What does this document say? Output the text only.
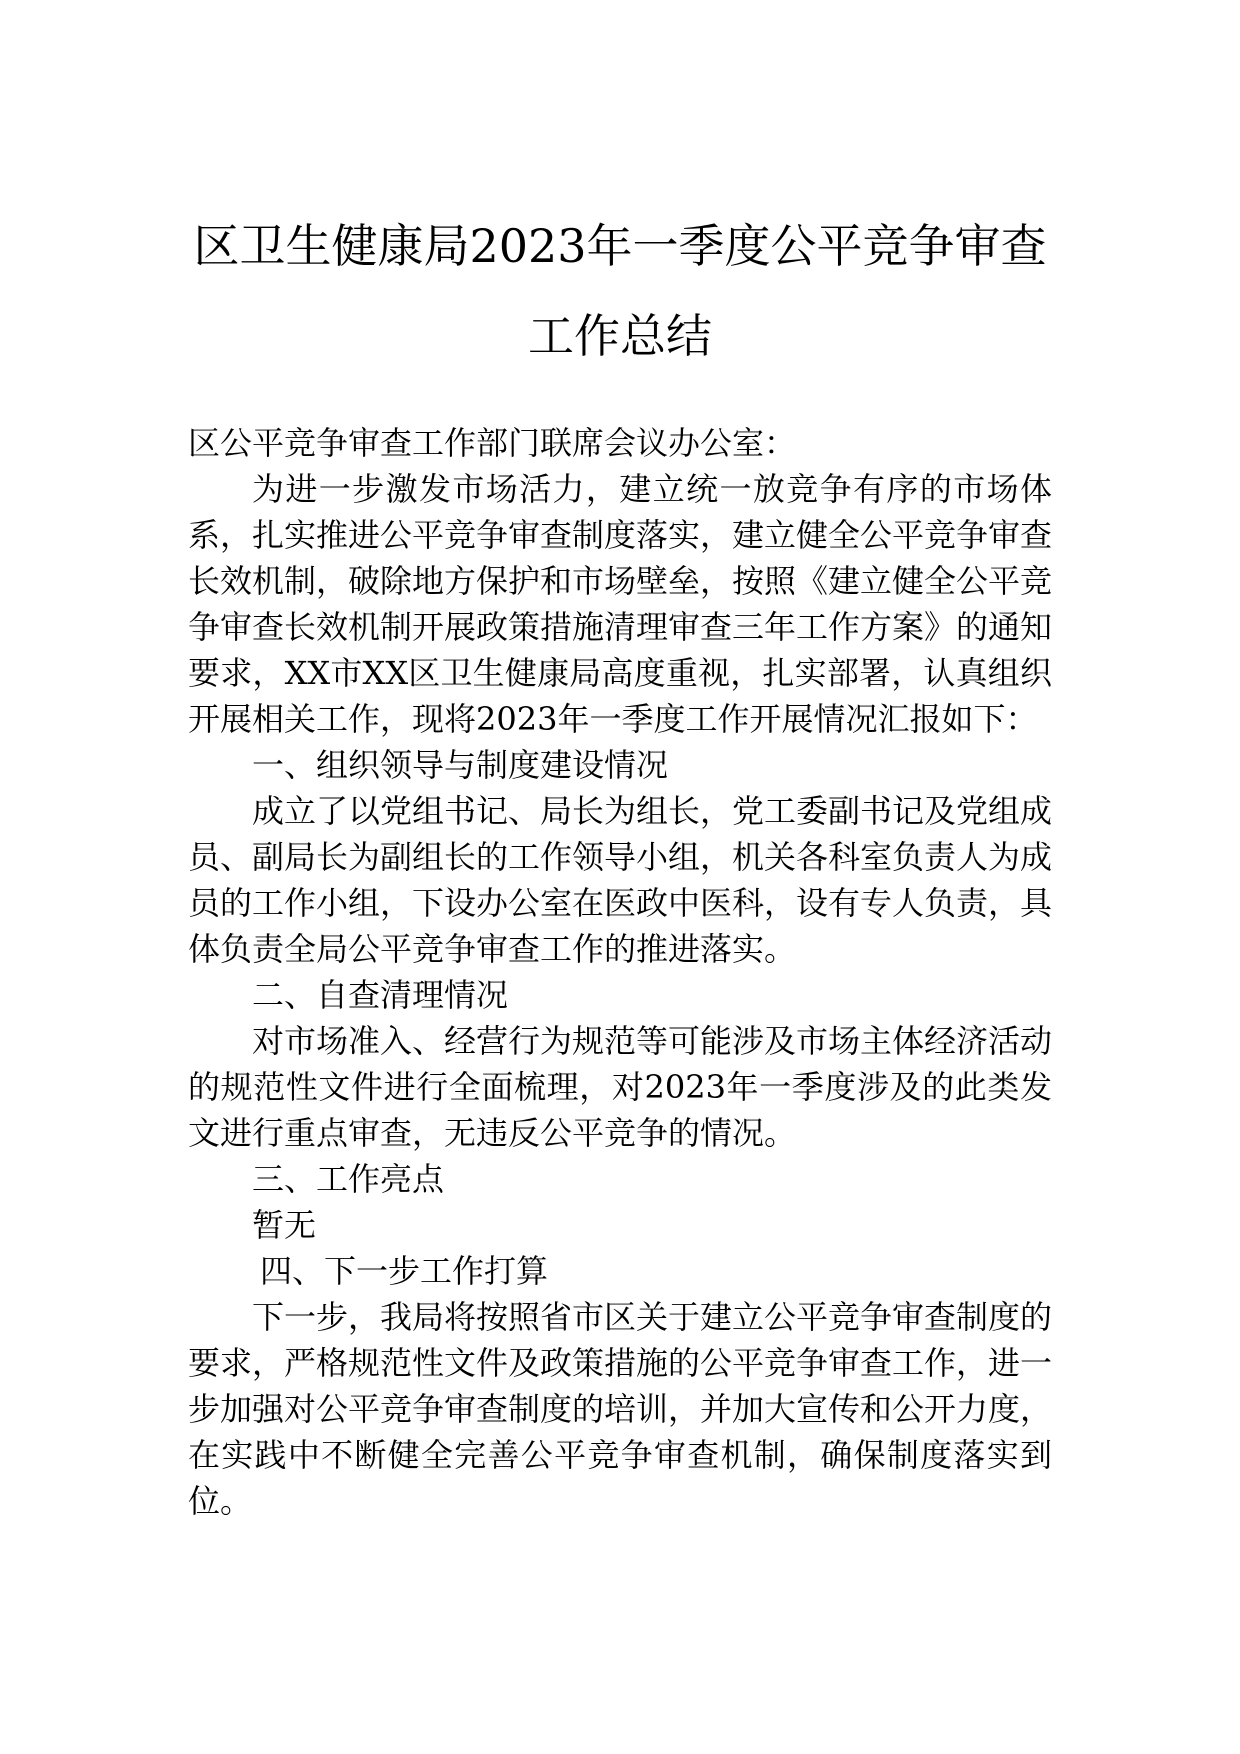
区卫生健康局2023年一季度公平竞争审查
工作总结

区公平竞争审查工作部门联席会议办公室：

为进一步激发市场活力，建立统一放竞争有序的市场体系，扎实推进公平竞争审查制度落实，建立健全公平竞争审查长效机制，破除地方保护和市场壁垒，按照《建立健全公平竞争审查长效机制开展政策措施清理审查三年工作方案》的通知要求，XX市XX区卫生健康局高度重视，扎实部署，认真组织开展相关工作，现将2023年一季度工作开展情况汇报如下：

一、组织领导与制度建设情况

成立了以党组书记、局长为组长，党工委副书记及党组成员、副局长为副组长的工作领导小组，机关各科室负责人为成员的工作小组，下设办公室在医政中医科，设有专人负责，具体负责全局公平竞争审查工作的推进落实。

二、自查清理情况

对市场准入、经营行为规范等可能涉及市场主体经济活动的规范性文件进行全面梳理，对2023年一季度涉及的此类发文进行重点审查，无违反公平竞争的情况。

三、工作亮点

暂无

四、下一步工作打算

下一步，我局将按照省市区关于建立公平竞争审查制度的要求，严格规范性文件及政策措施的公平竞争审查工作，进一步加强对公平竞争审查制度的培训，并加大宣传和公开力度，在实践中不断健全完善公平竞争审查机制，确保制度落实到位。
